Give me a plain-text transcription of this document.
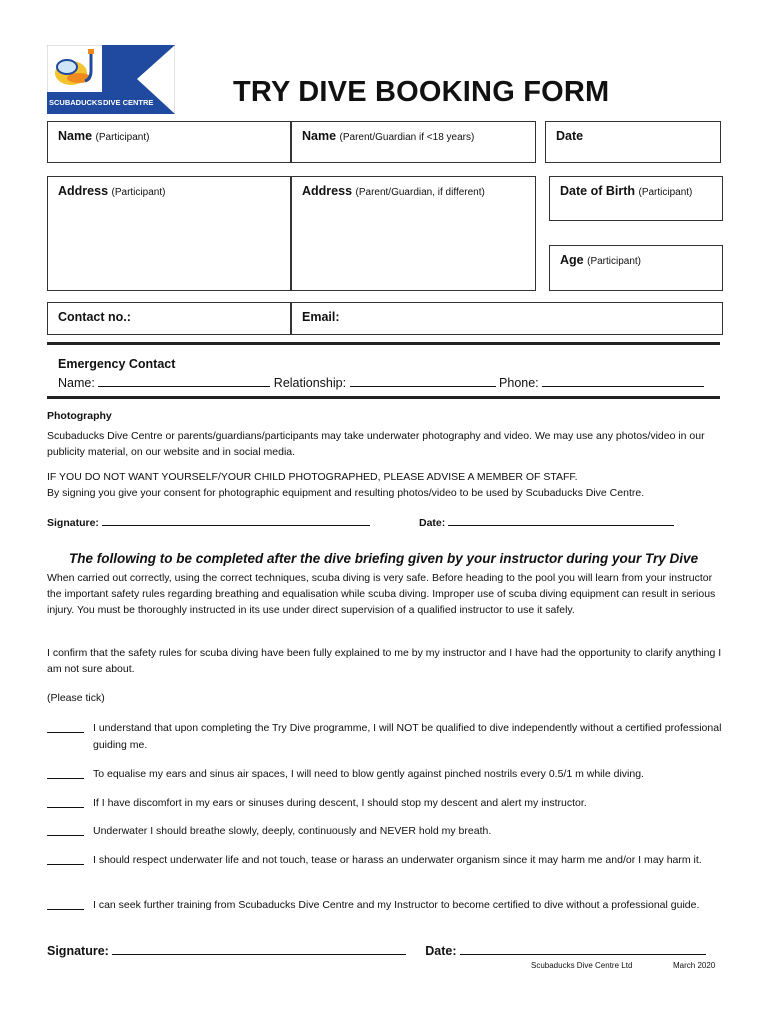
SCUBADUCKS DIVE CENTRE	TRY DIVE BOOKING FORM
Name (Participant)	Name (Parent/Guardian if <18 years)	Date
Address (Participant)	Address (Parent/Guardian, if different)	Date of Birth (Participant)
Age (Participant)
Contact no.:	Email:
Emergency Contact
Name:	Relationship:	Phone:
Photography
Scubaducks Dive Centre or parents/guardians/participants may take underwater photography and video. We may use any photos/video in our publicity material, on our website and in social media.
IF YOU DO NOT WANT YOURSELF/YOUR CHILD PHOTOGRAPHED, PLEASE ADVISE A MEMBER OF STAFF.
By signing you give your consent for photographic equipment and resulting photos/video to be used by Scubaducks Dive Centre.
Signature:	Date:
The following to be completed after the dive briefing given by your instructor during your Try Dive
When carried out correctly, using the correct techniques, scuba diving is very safe. Before heading to the pool you will learn from your instructor the important safety rules regarding breathing and equalisation while scuba diving. Improper use of scuba diving equipment can result in serious injury. You must be thoroughly instructed in its use under direct supervision of a qualified instructor to use it safely.
I confirm that the safety rules for scuba diving have been fully explained to me by my instructor and I have had the opportunity to clarify anything I am not sure about.
(Please tick)
I understand that upon completing the Try Dive programme, I will NOT be qualified to dive independently without a certified professional guiding me.
To equalise my ears and sinus air spaces, I will need to blow gently against pinched nostrils every 0.5/1 m while diving.
If I have discomfort in my ears or sinuses during descent, I should stop my descent and alert my instructor.
Underwater I should breathe slowly, deeply, continuously and NEVER hold my breath.
I should respect underwater life and not touch, tease or harass an underwater organism since it may harm me and/or I may harm it.
I can seek further training from Scubaducks Dive Centre and my Instructor to become certified to dive without a professional guide.
Signature:	Date:
Scubaducks Dive Centre Ltd	March 2020
